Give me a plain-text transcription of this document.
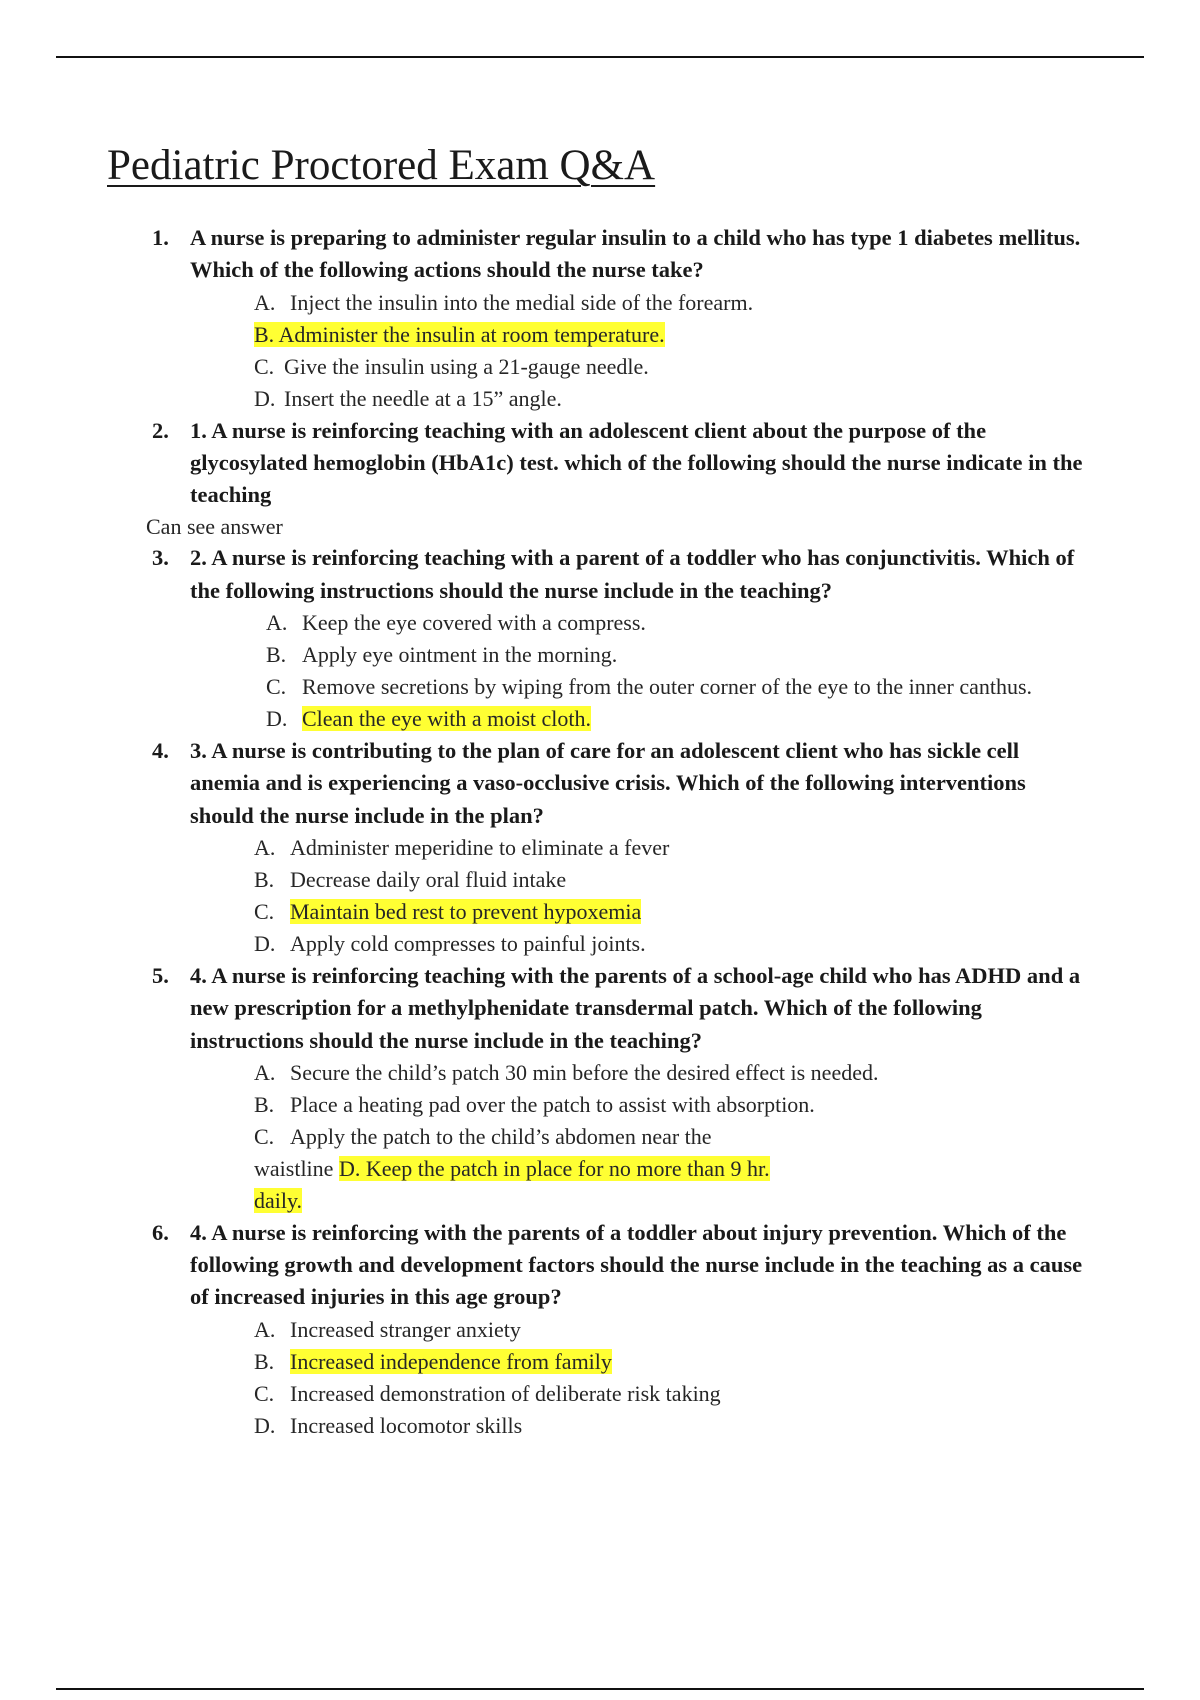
Pediatric Proctored Exam Q&A
1. A nurse is preparing to administer regular insulin to a child who has type 1 diabetes mellitus. Which of the following actions should the nurse take?
A. Inject the insulin into the medial side of the forearm.
B. Administer the insulin at room temperature.
C. Give the insulin using a 21-gauge needle.
D. Insert the needle at a 15” angle.
2. 1. A nurse is reinforcing teaching with an adolescent client about the purpose of the glycosylated hemoglobin (HbA1c) test. which of the following should the nurse indicate in the teaching
Can see answer
3. 2. A nurse is reinforcing teaching with a parent of a toddler who has conjunctivitis. Which of the following instructions should the nurse include in the teaching?
A. Keep the eye covered with a compress.
B. Apply eye ointment in the morning.
C. Remove secretions by wiping from the outer corner of the eye to the inner canthus.
D. Clean the eye with a moist cloth.
4. 3. A nurse is contributing to the plan of care for an adolescent client who has sickle cell anemia and is experiencing a vaso-occlusive crisis. Which of the following interventions should the nurse include in the plan?
A. Administer meperidine to eliminate a fever
B. Decrease daily oral fluid intake
C. Maintain bed rest to prevent hypoxemia
D. Apply cold compresses to painful joints.
5. 4. A nurse is reinforcing teaching with the parents of a school-age child who has ADHD and a new prescription for a methylphenidate transdermal patch. Which of the following instructions should the nurse include in the teaching?
A. Secure the child’s patch 30 min before the desired effect is needed.
B. Place a heating pad over the patch to assist with absorption.
C. Apply the patch to the child’s abdomen near the
waistline D. Keep the patch in place for no more than 9 hr.
daily.
6. 4. A nurse is reinforcing with the parents of a toddler about injury prevention. Which of the following growth and development factors should the nurse include in the teaching as a cause of increased injuries in this age group?
A. Increased stranger anxiety
B. Increased independence from family
C. Increased demonstration of deliberate risk taking
D. Increased locomotor skills
